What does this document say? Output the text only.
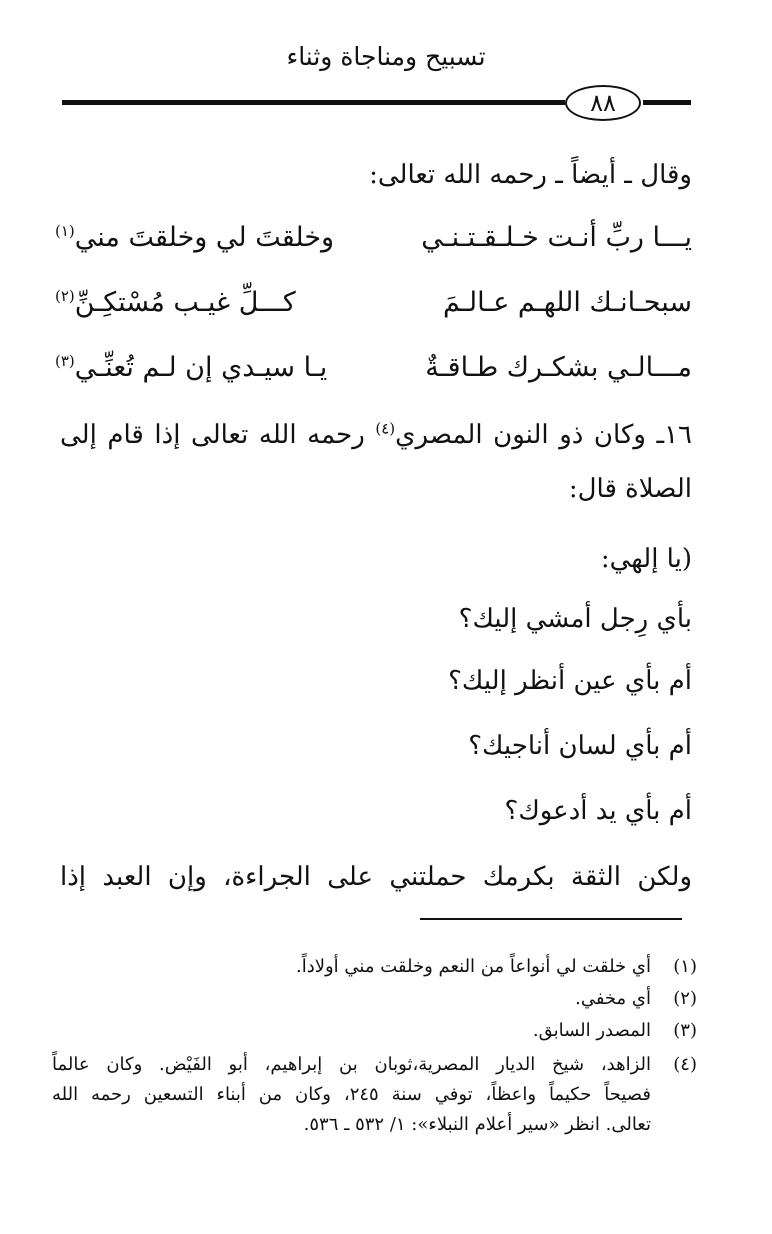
تسبيح ومناجاة وثناء
٨٨
وقال ـ أيضاً ـ رحمه الله تعالى:
يـــا ربِّ أنـت خـلـقـتـنـي
وخلقتَ لي وخلقتَ مني$^{(١)}$
سبحـانـك اللهـم عـالـمَ
كـــلِّ غيـب مُسْتكِـنِّ$^{(٢)}$
مـــالـي بشكـرك طـاقـةٌ
يـا سيـدي إن لـم تُعنِّـي$^{(٣)}$
١٦ـ وكان ذو النون المصري$^{(٤)}$ رحمه الله تعالى إذا قام إلى
الصلاة قال:
(يا إلهي:
بأي رِجل أمشي إليك؟
أم بأي عين أنظر إليك؟
أم بأي لسان أناجيك؟
أم بأي يد أدعوك؟
ولكن الثقة بكرمك حملتني على الجراءة، وإن العبد إذا
(١)
أي خلقت لي أنواعاً من النعم وخلقت مني أولاداً.
(٢)
أي مخفي.
(٣)
المصدر السابق.
(٤)
الزاهد، شيخ الديار المصرية،ثوبان بن إبراهيم، أبو الفَيْض. وكان عالماً
فصيحاً حكيماً واعظاً، توفي سنة ٢٤٥، وكان من أبناء التسعين رحمه الله
تعالى. انظر «سير أعلام النبلاء»: ١/ ٥٣٢ ـ ٥٣٦.
